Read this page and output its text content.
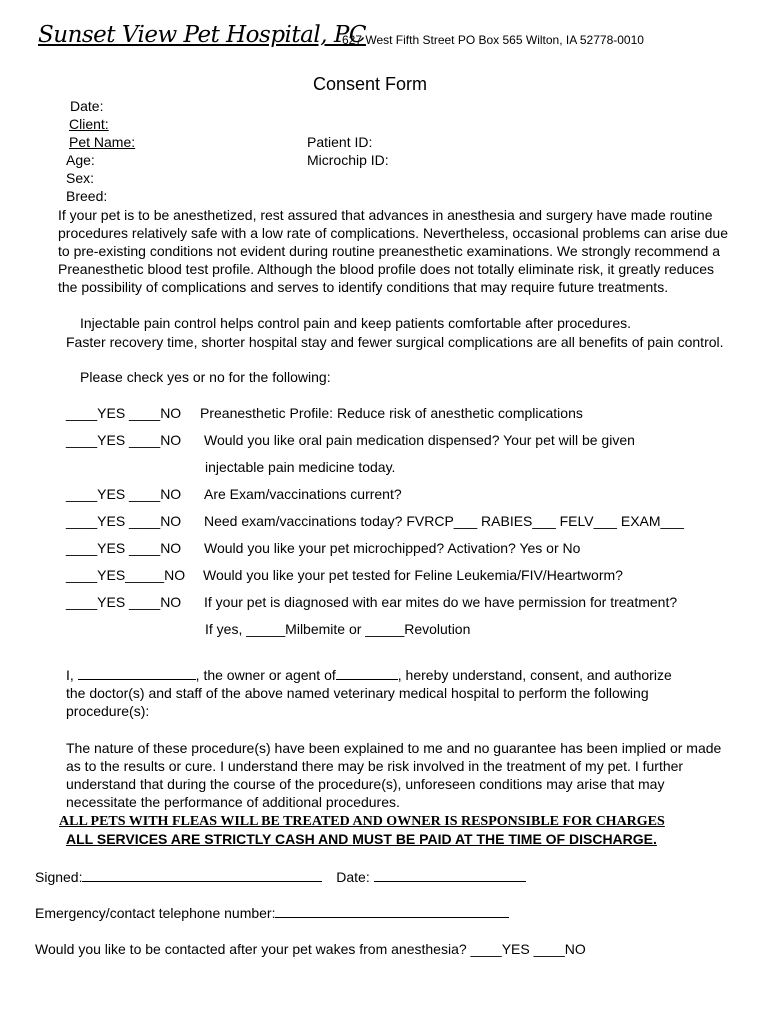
Sunset View Pet Hospital, PC
627 West Fifth Street PO Box 565 Wilton, IA 52778-0010
Consent Form
Date:
Client:
Pet Name:	Patient ID:
Age:	Microchip ID:
Sex:
Breed:
If your pet is to be anesthetized, rest assured that advances in anesthesia and surgery have made routine procedures relatively safe with a low rate of complications. Nevertheless, occasional problems can arise due to pre-existing conditions not evident during routine preanesthetic examinations. We strongly recommend a Preanesthetic blood test profile. Although the blood profile does not totally eliminate risk, it greatly reduces the possibility of complications and serves to identify conditions that may require future treatments.
Injectable pain control helps control pain and keep patients comfortable after procedures.
Faster recovery time, shorter hospital stay and fewer surgical complications are all benefits of pain control.
Please check yes or no for the following:
____YES ____NO Preanesthetic Profile: Reduce risk of anesthetic complications
____YES ____NO Would you like oral pain medication dispensed? Your pet will be given
injectable pain medicine today.
____YES ____NO Are Exam/vaccinations current?
____YES ____NO Need exam/vaccinations today? FVRCP___ RABIES___ FELV___ EXAM___
____YES ____NO Would you like your pet microchipped? Activation? Yes or No
____YES_____NO Would you like your pet tested for Feline Leukemia/FIV/Heartworm?
____YES ____NO If your pet is diagnosed with ear mites do we have permission for treatment?
If yes, _____Milbemite or _____Revolution
I,	, the owner or agent of	, hereby understand, consent, and authorize
the doctor(s) and staff of the above named veterinary medical hospital to perform the following
procedure(s):
The nature of these procedure(s) have been explained to me and no guarantee has been implied or made as to the results or cure. I understand there may be risk involved in the treatment of my pet. I further understand that during the course of the procedure(s), unforeseen conditions may arise that may necessitate the performance of additional procedures.
ALL PETS WITH FLEAS WILL BE TREATED AND OWNER IS RESPONSIBLE FOR CHARGES
ALL SERVICES ARE STRICTLY CASH AND MUST BE PAID AT THE TIME OF DISCHARGE.
Signed:	Date:
Emergency/contact telephone number:
Would you like to be contacted after your pet wakes from anesthesia? ____YES ____NO
